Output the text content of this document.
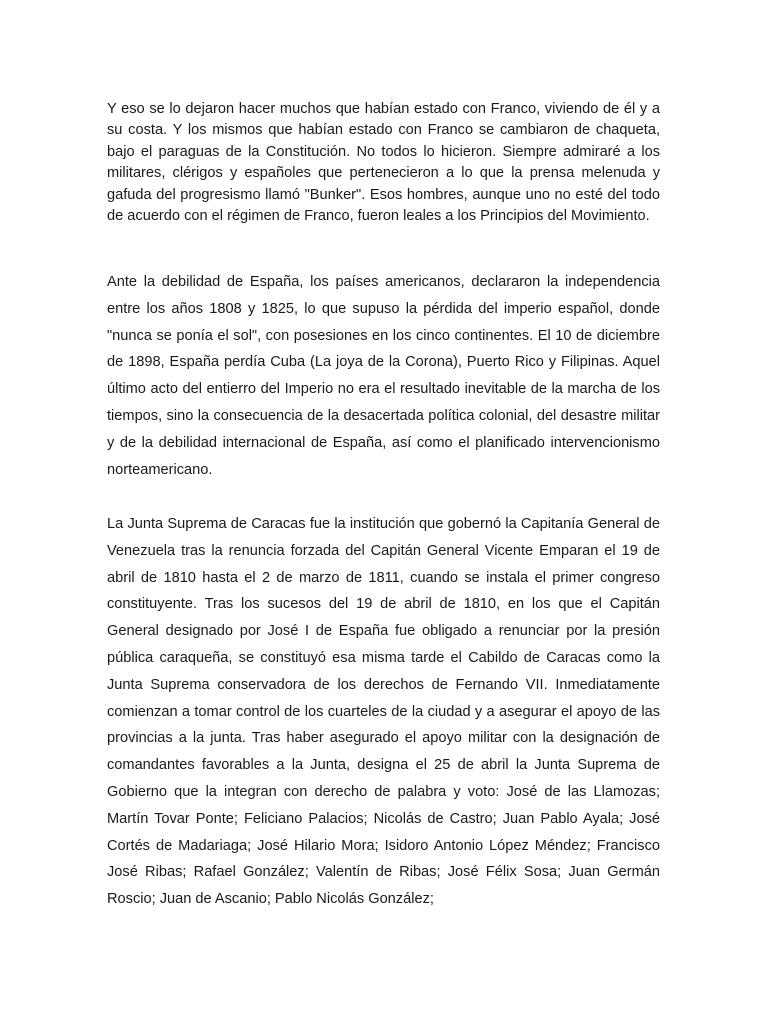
Y eso se lo dejaron hacer muchos que habían estado con Franco, viviendo de él y a su costa. Y los mismos que habían estado con Franco se cambiaron de chaqueta, bajo el paraguas de la Constitución. No todos lo hicieron. Siempre admiraré a los militares, clérigos y españoles que pertenecieron a lo que la prensa melenuda y gafuda del progresismo llamó "Bunker". Esos hombres, aunque uno no esté del todo de acuerdo con el régimen de Franco, fueron leales a los Principios del Movimiento.

Ante la debilidad de España, los países americanos, declararon la independencia entre los años 1808 y 1825, lo que supuso la pérdida del imperio español, donde "nunca se ponía el sol", con posesiones en los cinco continentes. El 10 de diciembre de 1898, España perdía Cuba (La joya de la Corona), Puerto Rico y Filipinas. Aquel último acto del entierro del Imperio no era el resultado inevitable de la marcha de los tiempos, sino la consecuencia de la desacertada política colonial, del desastre militar y de la debilidad internacional de España, así como el planificado intervencionismo norteamericano.

La Junta Suprema de Caracas fue la institución que gobernó la Capitanía General de Venezuela tras la renuncia forzada del Capitán General Vicente Emparan el 19 de abril de 1810 hasta el 2 de marzo de 1811, cuando se instala el primer congreso constituyente. Tras los sucesos del 19 de abril de 1810, en los que el Capitán General designado por José I de España fue obligado a renunciar por la presión pública caraqueña, se constituyó esa misma tarde el Cabildo de Caracas como la Junta Suprema conservadora de los derechos de Fernando VII. Inmediatamente comienzan a tomar control de los cuarteles de la ciudad y a asegurar el apoyo de las provincias a la junta. Tras haber asegurado el apoyo militar con la designación de comandantes favorables a la Junta, designa el 25 de abril la Junta Suprema de Gobierno que la integran con derecho de palabra y voto: José de las Llamozas; Martín Tovar Ponte; Feliciano Palacios; Nicolás de Castro; Juan Pablo Ayala; José Cortés de Madariaga; José Hilario Mora; Isidoro Antonio López Méndez; Francisco José Ribas; Rafael González; Valentín de Ribas; José Félix Sosa; Juan Germán Roscio; Juan de Ascanio; Pablo Nicolás González;
